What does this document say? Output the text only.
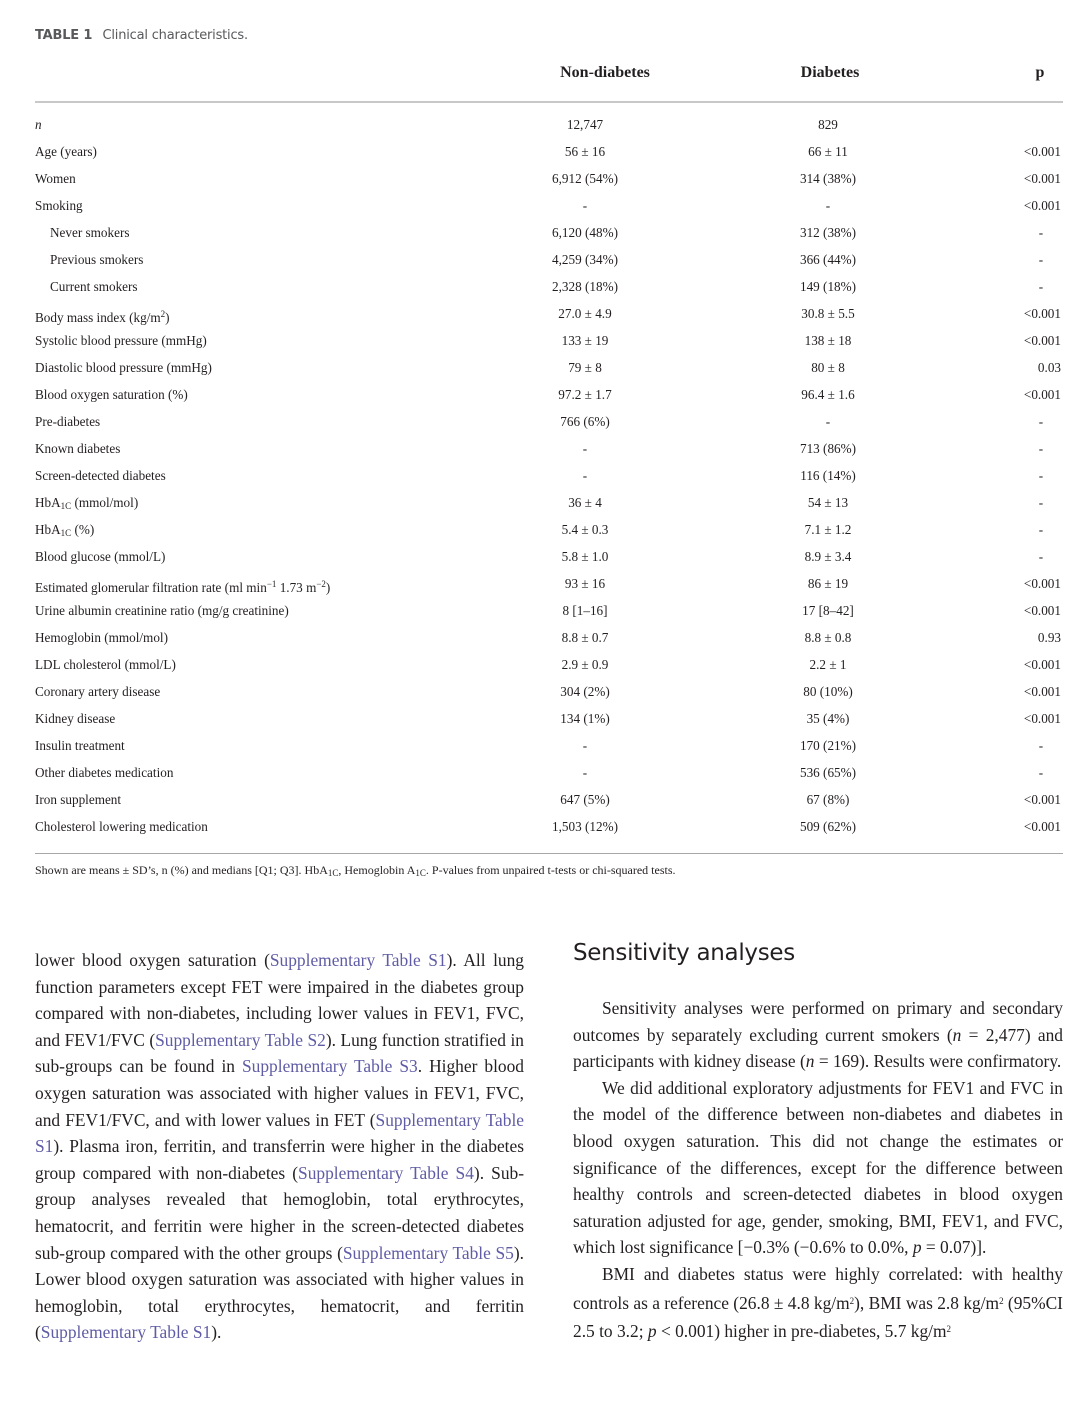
TABLE 1 Clinical characteristics.
Non-diabetes	Diabetes	p
n	12,747	829
Age (years)	56 ± 16	66 ± 11	<0.001
Women	6,912 (54%)	314 (38%)	<0.001
Smoking	-	-	<0.001
Never smokers	6,120 (48%)	312 (38%)	-
Previous smokers	4,259 (34%)	366 (44%)	-
Current smokers	2,328 (18%)	149 (18%)	-
Body mass index $(kg/m^2)$	27.0 ± 4.9	30.8 ± 5.5	<0.001
Systolic blood pressure (mmHg)	133 ± 19	138 ± 18	<0.001
Diastolic blood pressure (mmHg)	79 ± 8	80 ± 8	0.03
Blood oxygen saturation (%)	97.2 ± 1.7	96.4 ± 1.6	<0.001
Pre-diabetes	766 (6%)	-	-
Known diabetes	-	713 (86%)	-
Screen-detected diabetes	-	116 (14%)	-
HbA$_{1C}$ (mmol/mol)	36 ± 4	54 ± 13	-
HbA$_{1C}$ (%)	5.4 ± 0.3	7.1 ± 1.2	-
Blood glucose (mmol/L)	5.8 ± 1.0	8.9 ± 3.4	-
Estimated glomerular filtration rate (ml $\min^{-1} 1.73$ $m^{-2}$)	93 ± 16	86 ± 19	<0.001
Urine albumin creatinine ratio (mg/g creatinine)	8 [1–16]	17 [8–42]	<0.001
Hemoglobin (mmol/mol)	8.8 ± 0.7	8.8 ± 0.8	0.93
LDL cholesterol (mmol/L)	2.9 ± 0.9	2.2 ± 1	<0.001
Coronary artery disease	304 (2%)	80 (10%)	<0.001
Kidney disease	134 (1%)	35 (4%)	<0.001
Insulin treatment	-	170 (21%)	-
Other diabetes medication	-	536 (65%)	-
Iron supplement	647 (5%)	67 (8%)	<0.001
Cholesterol lowering medication	1,503 (12%)	509 (62%)	<0.001
Shown are means ± SD’s, n (%) and medians [Q1; Q3]. HbA$_{1C}$, Hemoglobin $A_{1C}$. P-values from unpaired t-tests or chi-squared tests.
lower blood oxygen saturation (Supplementary Table S1). All lung function parameters except FET were impaired in the diabetes group compared with non-diabetes, including lower values in FEV1, FVC, and FEV1/FVC (Supplementary Table S2). Lung function stratified in sub-groups can be found in Supplementary Table S3. Higher blood oxygen saturation was associated with higher values in FEV1, FVC, and FEV1/FVC, and with lower values in FET (Supplementary Table S1). Plasma iron, ferritin, and transferrin were higher in the diabetes group compared with non-diabetes (Supplementary Table S4). Sub-group analyses revealed that hemoglobin, total erythrocytes, hematocrit, and ferritin were higher in the screen-detected diabetes sub-group compared with the other groups (Supplementary Table S5). Lower blood oxygen saturation was associated with higher values in hemoglobin, total erythrocytes, hematocrit, and ferritin (Supplementary Table S1).
Sensitivity analyses

Sensitivity analyses were performed on primary and secondary outcomes by separately excluding current smokers (n = 2,477) and participants with kidney disease (n = 169). Results were confirmatory.

We did additional exploratory adjustments for FEV1 and FVC in the model of the difference between non-diabetes and diabetes in blood oxygen saturation. This did not change the estimates or significance of the differences, except for the difference between healthy controls and screen-detected diabetes in blood oxygen saturation adjusted for age, gender, smoking, BMI, FEV1, and FVC, which lost significance [−0.3% (−0.6% to 0.0%, p = 0.07)].

BMI and diabetes status were highly correlated: with healthy controls as a reference (26.8 ± 4.8 $kg/m^2$), BMI was 2.8 $kg/m^2$ (95%CI 2.5 to 3.2; p < 0.001) higher in pre-diabetes, 5.7 $kg/m^2$
